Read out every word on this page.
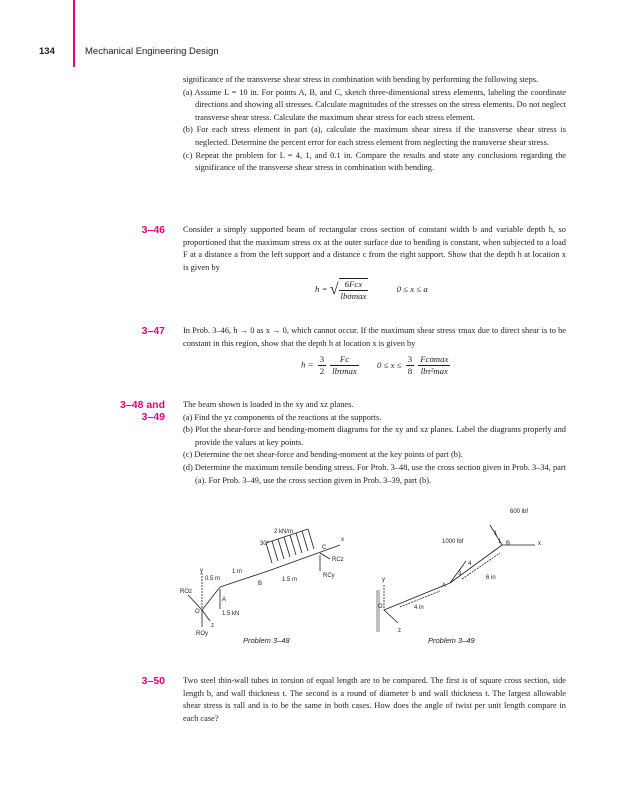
134	Mechanical Engineering Design

significance of the transverse shear stress in combination with bending by performing the following steps.

(a) Assume L = 10 in. For points A, B, and C, sketch three-dimensional stress elements, labeling the coordinate directions and showing all stresses. Calculate magnitudes of the stresses on the stress elements. Do not neglect transverse shear stress. Calculate the maximum shear stress for each stress element.

(b) For each stress element in part (a), calculate the maximum shear stress if the transverse shear stress is neglected. Determine the percent error for each stress element from neglecting the transverse shear stress.

(c) Repeat the problem for L = 4, 1, and 0.1 in. Compare the results and state any conclusions regarding the significance of the transverse shear stress in combination with bending.

3–46 Consider a simply supported beam of rectangular cross section of constant width b and variable depth h, so proportioned that the maximum stress σx at the outer surface due to bending is constant, when subjected to a load F at a distance a from the left support and a distance c from the right support. Show that the depth h at location x is given by
h = √ $\frac{\text{6Fcx}}{\text{lbσmax}}$	0 ≤ x ≤ a
3–47 In Prob. 3–46, h → 0 as x → 0, which cannot occur. If the maximum shear stress τmax due to direct shear is to be constant in this region, show that the depth h at location x is given by
$h = \frac{3}{2} \frac{Fc}{\text{lbτmax}} 0 \le x \le \frac{3}{8} \frac{\text{Fcσmax}}{\text{lbτ²max}}$
3–48 and
3–49

The beam shown is loaded in the xy and xz planes.

(a) Find the yz components of the reactions at the supports.

(b) Plot the shear-force and bending-moment diagrams for the xy and xz planes. Label the diagrams properly and provide the values at key points.

(c) Determine the net shear-force and bending-moment at the key points of part (b).

(d) Determine the maximum tensile bending stress. For Prob. 3–48, use the cross section given in Prob. 3–34, part (a). For Prob. 3–49, use the cross section given in Prob. 3–39, part (b).

2 kN/m
30°
1 m
0.5 m	1.5 m
1.5 kN
O
A
B
C
x
y
z
ROz
ROy
RCz
RCy
Problem 3–48
600 lbf
1000 lbf
6 in
4 in
4
3
1
1
O
A
B	x
y
z
Problem 3–49
3–50 Two steel thin-wall tubes in torsion of equal length are to be compared. The first is of square cross section, side length b, and wall thickness t. The second is a round of diameter b and wall thickness t. The largest allowable shear stress is τall and is to be the same in both cases. How does the angle of twist per unit length compare in each case?
